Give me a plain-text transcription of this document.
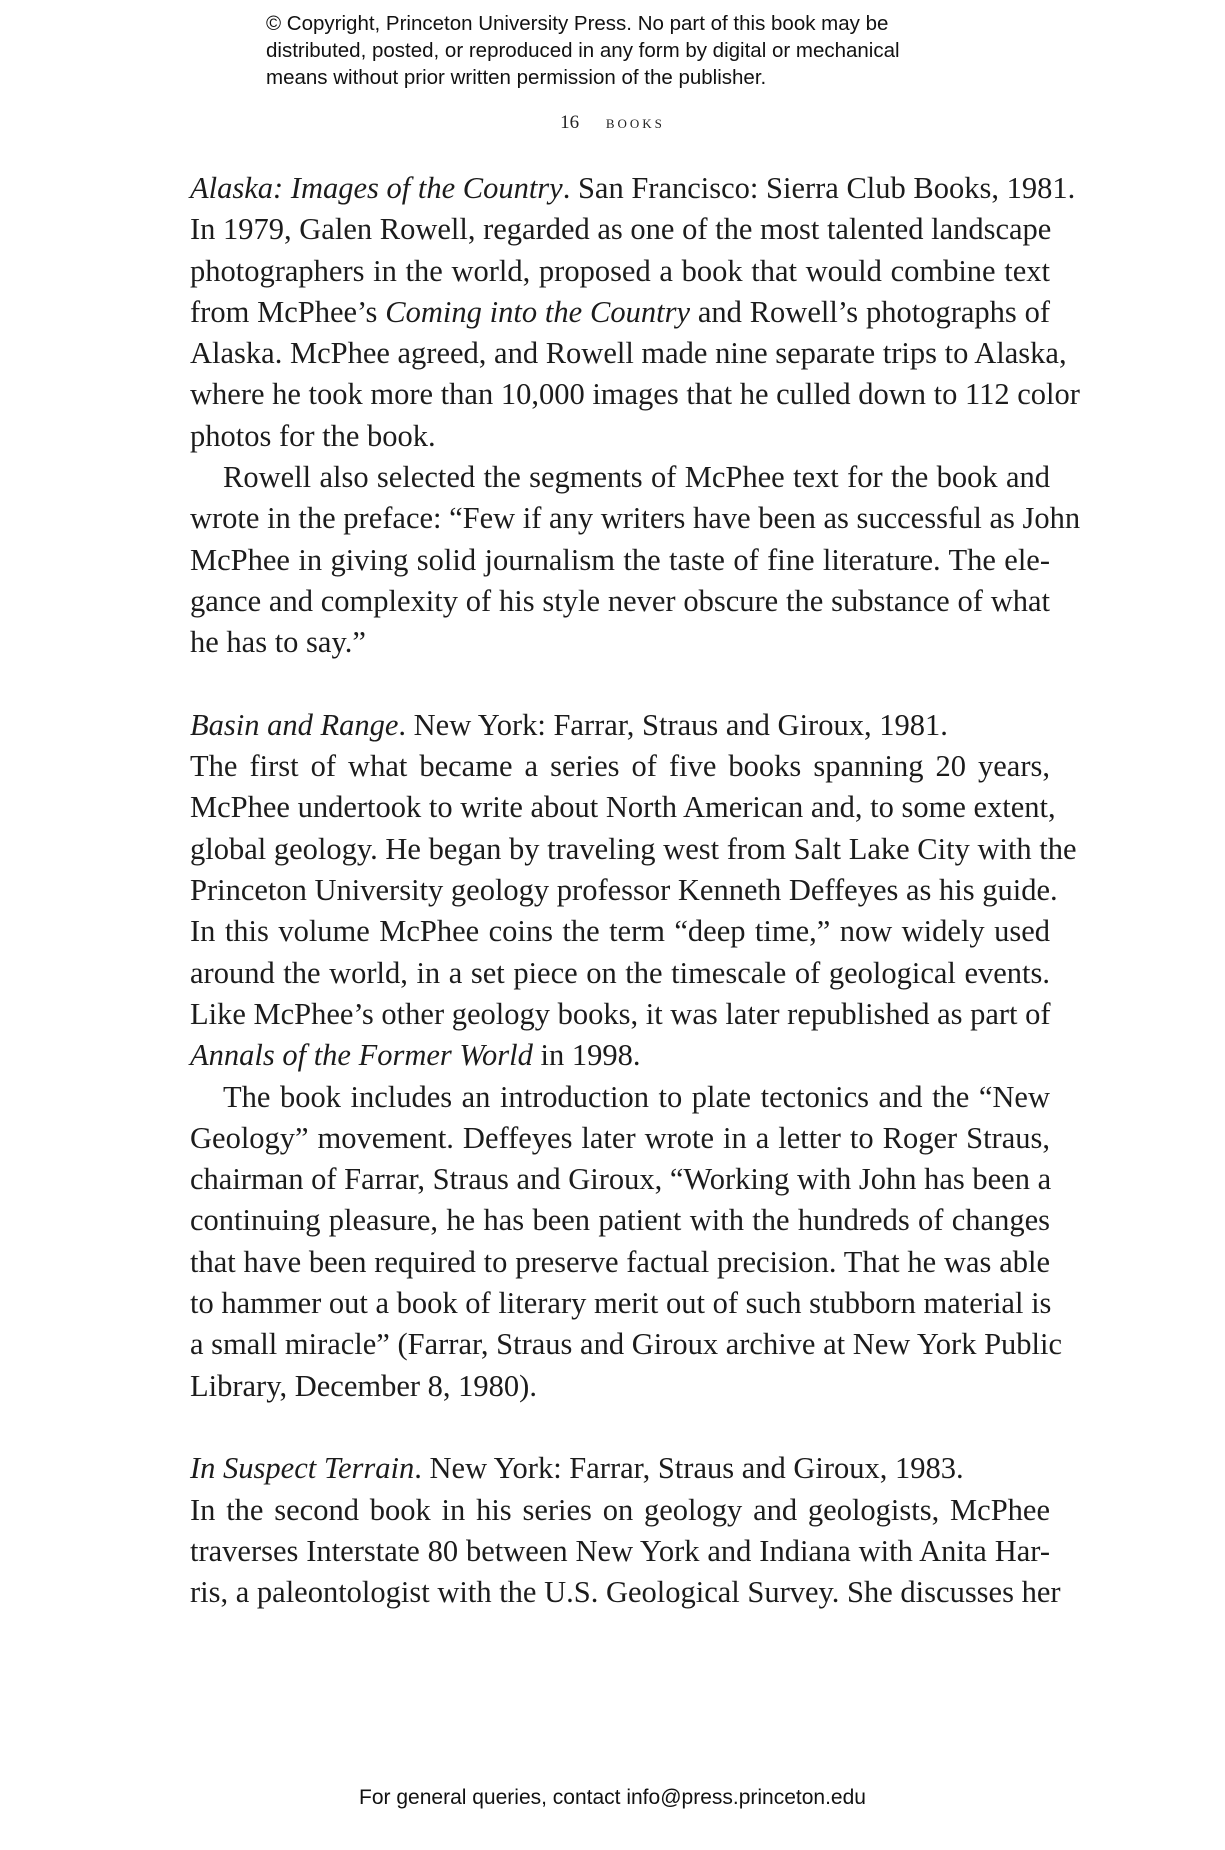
© Copyright, Princeton University Press. No part of this book may be
distributed, posted, or reproduced in any form by digital or mechanical
means without prior written permission of the publisher.
16 books
Alaska: Images of the Country. San Francisco: Sierra Club Books, 1981.
In 1979, Galen Rowell, regarded as one of the most talented landscape
photographers in the world, proposed a book that would combine text
from McPhee’s Coming into the Country and Rowell’s photographs of
Alaska. McPhee agreed, and Rowell made nine separate trips to Alaska,
where he took more than 10,000 images that he culled down to 112 color
photos for the book.
Rowell also selected the segments of McPhee text for the book and
wrote in the preface: “Few if any writers have been as successful as John
McPhee in giving solid journalism the taste of fine literature. The ele-
gance and complexity of his style never obscure the substance of what
he has to say.”
Basin and Range. New York: Farrar, Straus and Giroux, 1981.
The first of what became a series of five books spanning 20 years,
McPhee undertook to write about North American and, to some extent,
global geology. He began by traveling west from Salt Lake City with the
Princeton University geology professor Kenneth Deffeyes as his guide.
In this volume McPhee coins the term “deep time,” now widely used
around the world, in a set piece on the timescale of geological events.
Like McPhee’s other geology books, it was later republished as part of
Annals of the Former World in 1998.
The book includes an introduction to plate tectonics and the “New
Geology” movement. Deffeyes later wrote in a letter to Roger Straus,
chairman of Farrar, Straus and Giroux, “Working with John has been a
continuing pleasure, he has been patient with the hundreds of changes
that have been required to preserve factual precision. That he was able
to hammer out a book of literary merit out of such stubborn material is
a small miracle” (Farrar, Straus and Giroux archive at New York Public
Library, December 8, 1980).
In Suspect Terrain. New York: Farrar, Straus and Giroux, 1983.
In the second book in his series on geology and geologists, McPhee
traverses Interstate 80 between New York and Indiana with Anita Har-
ris, a paleontologist with the U.S. Geological Survey. She discusses her
For general queries, contact info@press.princeton.edu
